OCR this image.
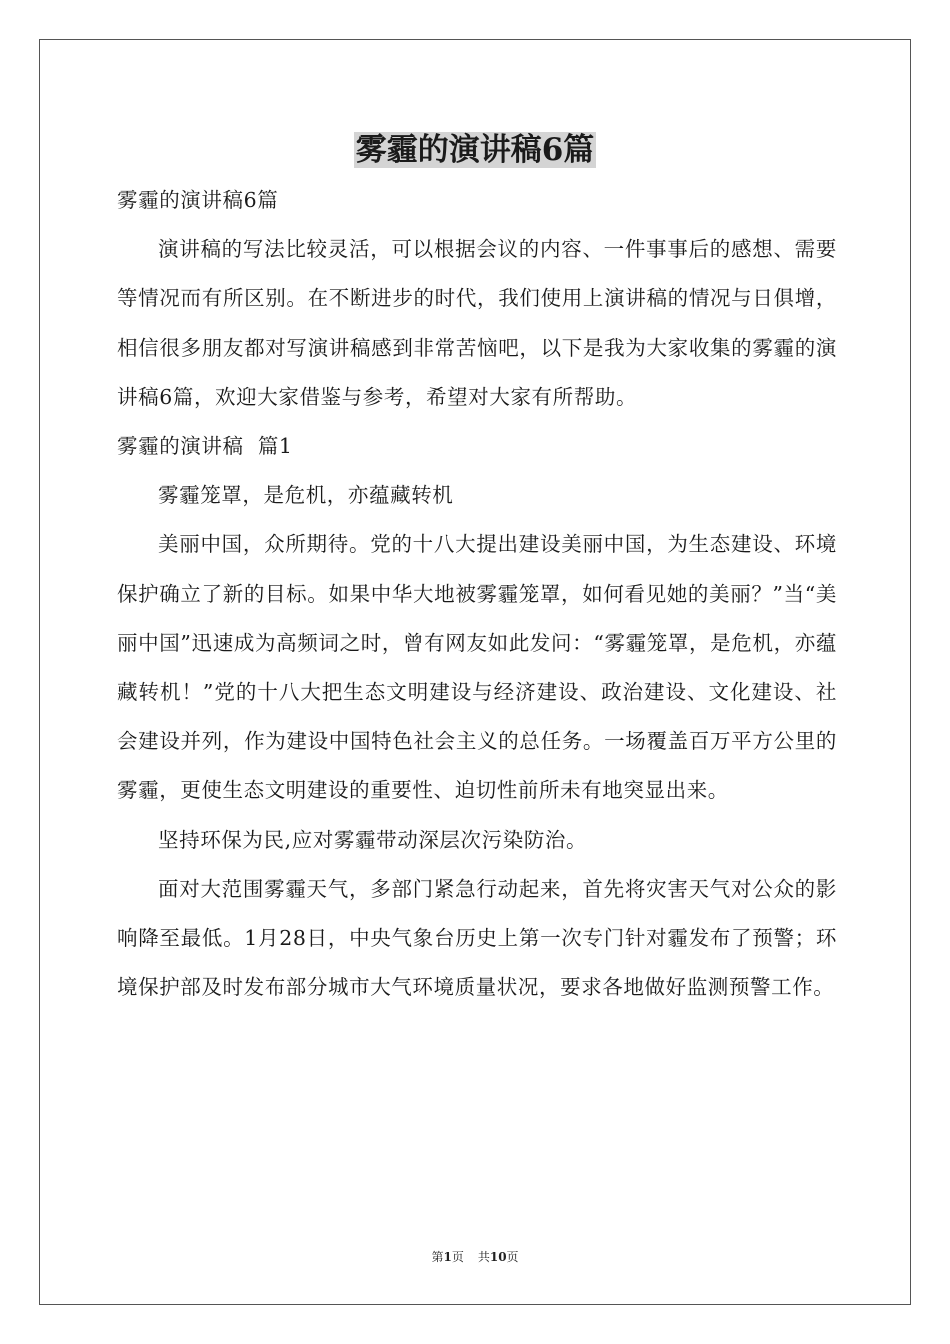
雾霾的演讲稿6篇

雾霾的演讲稿6篇

演讲稿的写法比较灵活，可以根据会议的内容、一件事事后的感想、需要等情况而有所区别。在不断进步的时代，我们使用上演讲稿的情况与日俱增，相信很多朋友都对写演讲稿感到非常苦恼吧，以下是我为大家收集的雾霾的演讲稿6篇，欢迎大家借鉴与参考，希望对大家有所帮助。

雾霾的演讲稿  篇1

雾霾笼罩，是危机，亦蕴藏转机

美丽中国，众所期待。党的十八大提出建设美丽中国，为生态建设、环境保护确立了新的目标。如果中华大地被雾霾笼罩，如何看见她的美丽？”当“美丽中国”迅速成为高频词之时，曾有网友如此发问：“雾霾笼罩，是危机，亦蕴藏转机！”党的十八大把生态文明建设与经济建设、政治建设、文化建设、社会建设并列，作为建设中国特色社会主义的总任务。一场覆盖百万平方公里的雾霾，更使生态文明建设的重要性、迫切性前所未有地突显出来。

坚持环保为民,应对雾霾带动深层次污染防治。

面对大范围雾霾天气，多部门紧急行动起来，首先将灾害天气对公众的影响降至最低。1月28日，中央气象台历史上第一次专门针对霾发布了预警；环境保护部及时发布部分城市大气环境质量状况，要求各地做好监测预警工作。

第1页 共10页
